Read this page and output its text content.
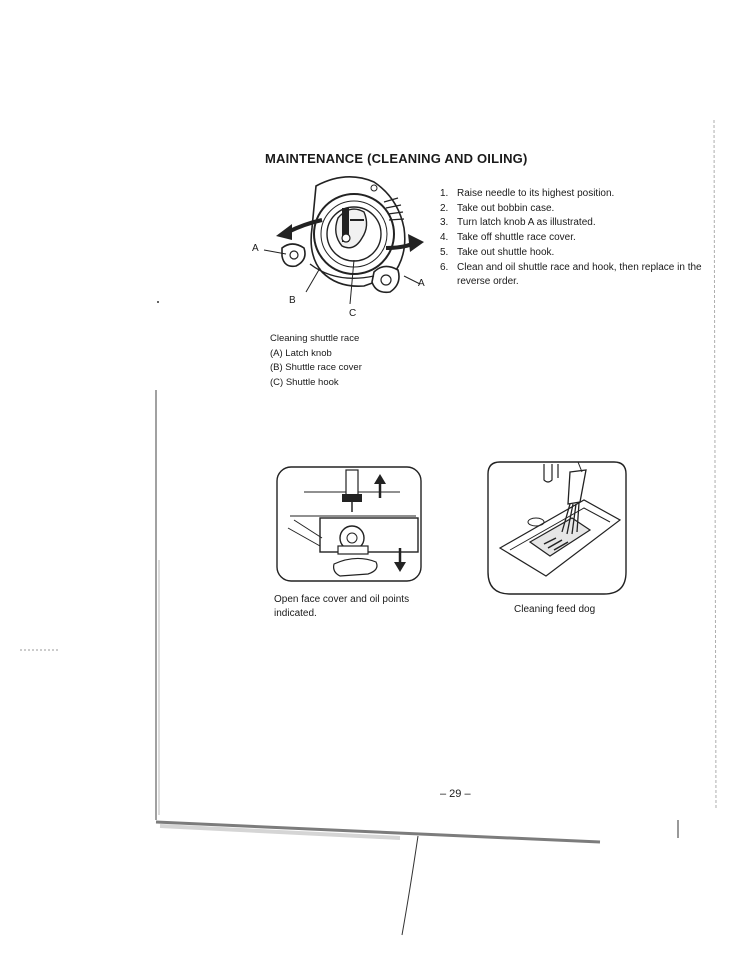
MAINTENANCE (CLEANING AND OILING)
A
A
B
C
1. Raise needle to its highest position.
2. Take out bobbin case.
3. Turn latch knob A as illustrated.
4. Take off shuttle race cover.
5. Take out shuttle hook.
6. Clean and oil shuttle race and hook, then replace in the reverse order.
Cleaning shuttle race
(A) Latch knob
(B) Shuttle race cover
(C) Shuttle hook
Open face cover and oil points indicated.	Cleaning feed dog
– 29 –
